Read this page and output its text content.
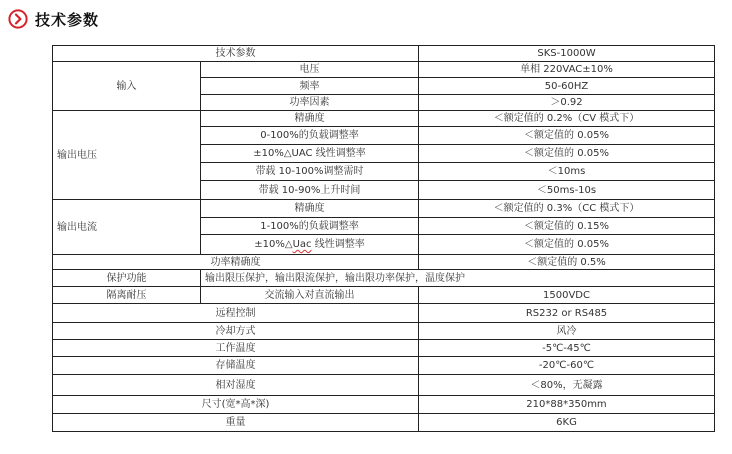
技术参数
技术参数		SKS-1000W
输入	电压	单相 220VAC±10%
	频率	50-60HZ
	功率因素	＞0.92
输出电压	精确度	＜额定值的 0.2%（CV 模式下）
	0-100%的负载调整率	＜额定值的 0.05%
	±10%△UAC 线性调整率	＜额定值的 0.05%
	带载 10-100%调整需时	＜10ms
	带载 10-90%上升时间	＜50ms-10s
输出电流	精确度	＜额定值的 0.3%（CC 模式下）
	1-100%的负载调整率	＜额定值的 0.15%
	±10%△Uac 线性调整率	＜额定值的 0.05%
功率精确度		＜额定值的 0.5%
保护功能	输出限压保护，输出限流保护，输出限功率保护，温度保护	
隔离耐压	交流输入对直流输出	1500VDC
远程控制		RS232 or RS485
冷却方式		风冷
工作温度		-5℃-45℃
存储温度		-20℃-60℃
相对湿度		＜80%，无凝露
尺寸(宽*高*深)		210*88*350mm
重量		6KG
